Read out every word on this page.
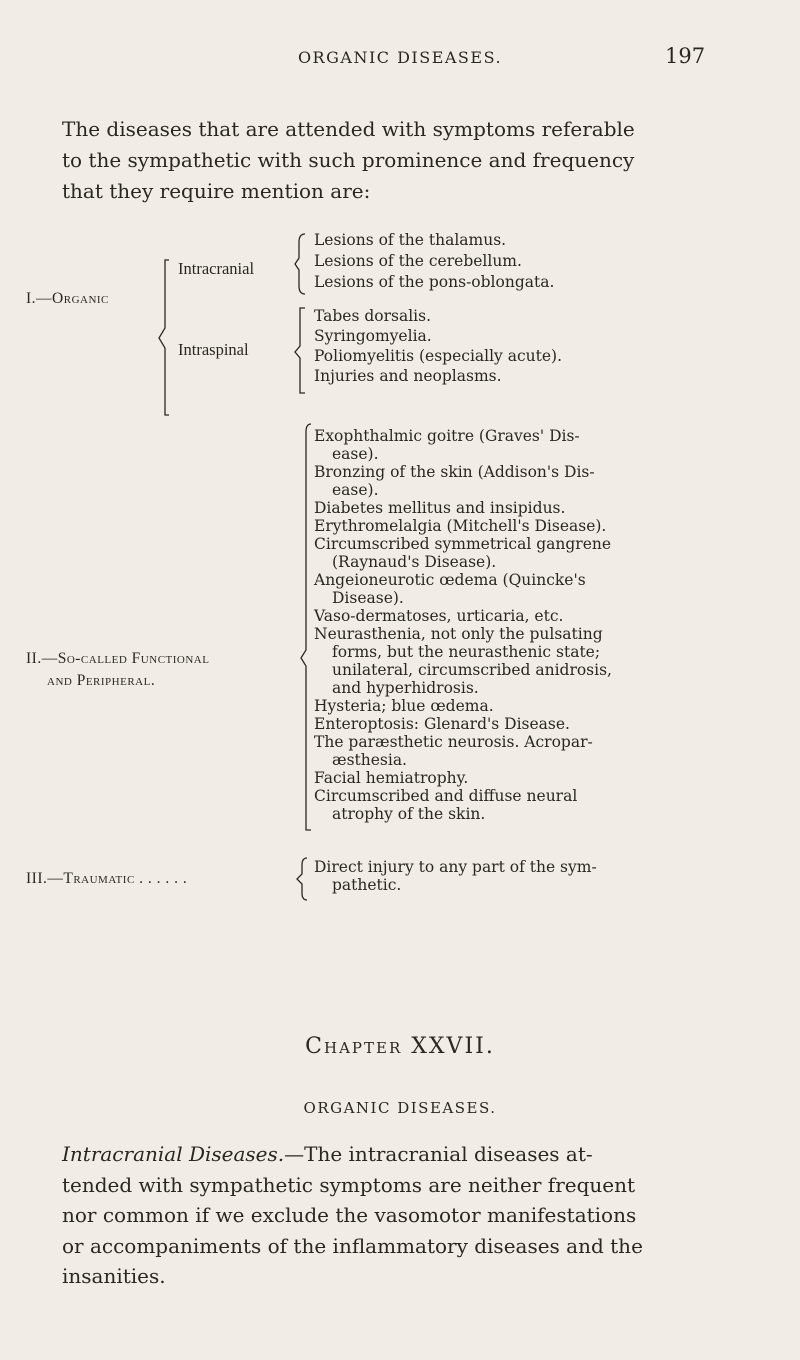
ORGANIC DISEASES.	197
The diseases that are attended with symptoms referable
to the sympathetic with such prominence and frequency
that they require mention are:
I.—Organic
Intracranial
Lesions of the thalamus.
Lesions of the cerebellum.
Lesions of the pons-oblongata.
Intraspinal
Tabes dorsalis.
Syringomyelia.
Poliomyelitis (especially acute).
Injuries and neoplasms.
II.—So-called Functional
and Peripheral.
Exophthalmic goitre (Graves' Dis-
ease).
Bronzing of the skin (Addison's Dis-
ease).
Diabetes mellitus and insipidus.
Erythromelalgia (Mitchell's Disease).
Circumscribed symmetrical gangrene
(Raynaud's Disease).
Angeioneurotic œdema (Quincke's
Disease).
Vaso-dermatoses, urticaria, etc.
Neurasthenia, not only the pulsating
forms, but the neurasthenic state;
unilateral, circumscribed anidrosis,
and hyperhidrosis.
Hysteria; blue œdema.
Enteroptosis: Glenard's Disease.
The paræsthetic neurosis. Acropar-
æsthesia.
Facial hemiatrophy.
Circumscribed and diffuse neural
atrophy of the skin.
III.—Traumatic . . . . . .
Direct injury to any part of the sym-
pathetic.
Chapter XXVII.
ORGANIC DISEASES.
Intracranial Diseases.—The intracranial diseases at-
tended with sympathetic symptoms are neither frequent
nor common if we exclude the vasomotor manifestations
or accompaniments of the inflammatory diseases and the
insanities.
